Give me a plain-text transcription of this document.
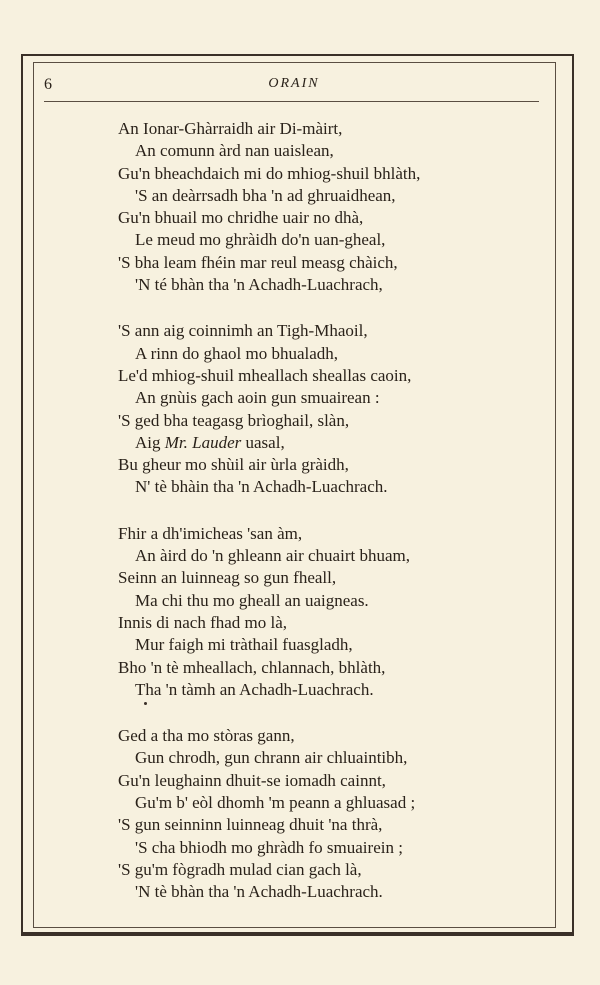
6	ORAIN
An Ionar-Ghàrraidh air Di-màirt,
An comunn àrd nan uaislean,
Gu'n bheachdaich mi do mhiog-shuil bhlàth,
'S an deàrrsadh bha 'n ad ghruaidhean,
Gu'n bhuail mo chridhe uair no dhà,
Le meud mo ghràidh do'n uan-gheal,
'S bha leam fhéin mar reul measg chàich,
'N té bhàn tha 'n Achadh-Luachrach,
'S ann aig coinnimh an Tigh-Mhaoil,
A rinn do ghaol mo bhualadh,
Le'd mhiog-shuil mheallach sheallas caoin,
An gnùis gach aoin gun smuairean :
'S ged bha teagasg brìoghail, slàn,
Aig Mr. Lauder uasal,
Bu gheur mo shùil air ùrla gràidh,
N' tè bhàin tha 'n Achadh-Luachrach.
Fhir a dh'imicheas 'san àm,
An àird do 'n ghleann air chuairt bhuam,
Seinn an luinneag so gun fheall,
Ma chi thu mo gheall an uaigneas.
Innis di nach fhad mo là,
Mur faigh mi tràthail fuasgladh,
Bho 'n tè mheallach, chlannach, bhlàth,
Tha 'n tàmh an Achadh-Luachrach.
Ged a tha mo stòras gann,
Gun chrodh, gun chrann air chluaintibh,
Gu'n leughainn dhuit-se iomadh cainnt,
Gu'm b' eòl dhomh 'm peann a ghluasad ;
'S gun seinninn luinneag dhuit 'na thrà,
'S cha bhiodh mo ghràdh fo smuairein ;
'S gu'm fògradh mulad cian gach là,
'N tè bhàn tha 'n Achadh-Luachrach.
